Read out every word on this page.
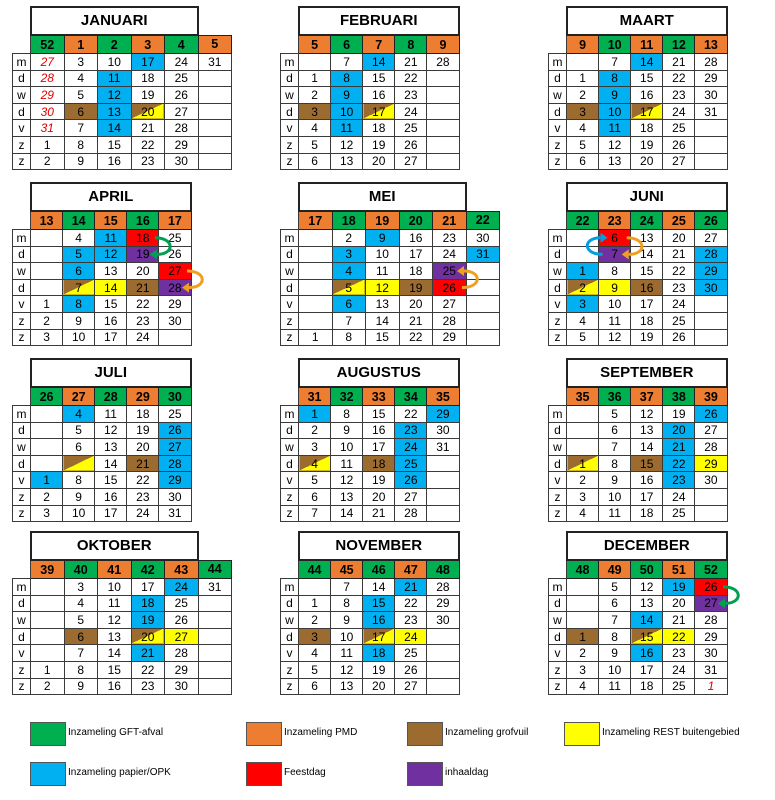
	JANUARI					
	52	1	2	3	4	5
m	27	3	10	17	24	31
d	28	4	11	18	25	
w	29	5	12	19	26	
d	30	6	13	20	27	
v	31	7	14	21	28	
z	1	8	15	22	29	
z	2	9	16	23	30	
	FEBRUARI				
	5	6	7	8	9
m		7	14	21	28
d	1	8	15	22	
w	2	9	16	23	
d	3	10	17	24	
v	4	11	18	25	
z	5	12	19	26	
z	6	13	20	27	
	MAART				
	9	10	11	12	13
m		7	14	21	28
d	1	8	15	22	29
w	2	9	16	23	30
d	3	10	17	24	31
v	4	11	18	25	
z	5	12	19	26	
z	6	13	20	27	
	APRIL				
	13	14	15	16	17
m		4	11	18	25
d		5	12	19	26
w		6	13	20	27
d		7	14	21	28
v	1	8	15	22	29
z	2	9	16	23	30
z	3	10	17	24	
	MEI					
	17	18	19	20	21	22
m		2	9	16	23	30
d		3	10	17	24	31
w		4	11	18	25	
d		5	12	19	26	
v		6	13	20	27	
z		7	14	21	28	
z	1	8	15	22	29	
	JUNI				
	22	23	24	25	26
m		6	13	20	27
d		7	14	21	28
w	1	8	15	22	29
d	2	9	16	23	30
v	3	10	17	24	
z	4	11	18	25	
z	5	12	19	26	
	JULI				
	26	27	28	29	30
m		4	11	18	25
d		5	12	19	26
w		6	13	20	27
d			14	21	28
v	1	8	15	22	29
z	2	9	16	23	30
z	3	10	17	24	31
	AUGUSTUS				
	31	32	33	34	35
m	1	8	15	22	29
d	2	9	16	23	30
w	3	10	17	24	31
d	4	11	18	25	
v	5	12	19	26	
z	6	13	20	27	
z	7	14	21	28	
	SEPTEMBER				
	35	36	37	38	39
m		5	12	19	26
d		6	13	20	27
w		7	14	21	28
d	1	8	15	22	29
v	2	9	16	23	30
z	3	10	17	24	
z	4	11	18	25	
	OKTOBER					
	39	40	41	42	43	44
m		3	10	17	24	31
d		4	11	18	25	
w		5	12	19	26	
d		6	13	20	27	
v		7	14	21	28	
z	1	8	15	22	29	
z	2	9	16	23	30	
	NOVEMBER				
	44	45	46	47	48
m		7	14	21	28
d	1	8	15	22	29
w	2	9	16	23	30
d	3	10	17	24	
v	4	11	18	25	
z	5	12	19	26	
z	6	13	20	27	
	DECEMBER				
	48	49	50	51	52
m		5	12	19	26
d		6	13	20	27
w		7	14	21	28
d	1	8	15	22	29
v	2	9	16	23	30
z	3	10	17	24	31
z	4	11	18	25	1
Inzameling GFT-afval	Inzameling PMD	Inzameling grofvuil	Inzameling REST buitengebied
Inzameling papier/OPK	Feestdag	inhaaldag
